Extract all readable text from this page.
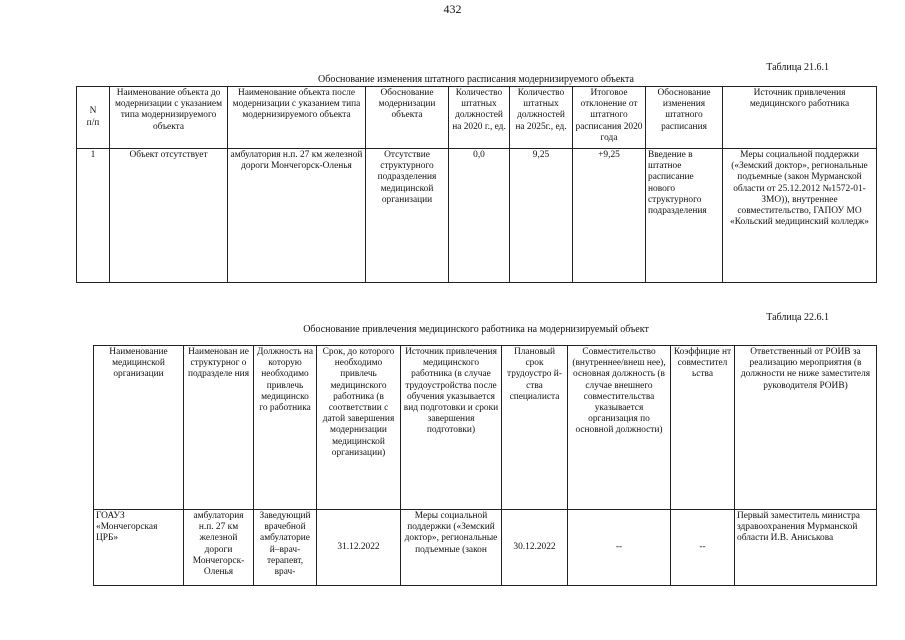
432
Таблица 21.6.1
Обоснование изменения штатного расписания модернизируемого объекта
N
п/п	Наименование объекта до модернизации с указанием типа модернизируемого объекта	Наименование объекта после модернизации с указанием типа модернизируемого объекта	Обоснование модернизации объекта	Количество штатных должностей на 2020 г., ед.	Количество штатных должностей на 2025г., ед.	Итоговое отклонение от штатного расписания 2020 года	Обоснование изменения штатного расписания	Источник привлечения медицинского работника
1	Объект отсутствует	амбулатория н.п. 27 км железной дороги Мончегорск-Оленья	Отсутствие структурного подразделения медицинской организации	0,0	9,25	+9,25	Введение в штатное расписание нового структурного подразделения	Меры социальной поддержки («Земский доктор», региональные подъемные (закон Мурманской области от 25.12.2012 №1572-01-ЗМО)), внутреннее совместительство, ГАПОУ МО «Кольский медицинский колледж»
Таблица 22.6.1
Обоснование привлечения медицинского работника на модернизируемый объект
Наименование медицинской организации	Наименован ие структурног о подразделе ния	Должность на которую необходимо привлечь медицинско го работника	Срок, до которого необходимо привлечь медицинского работника (в соответствии с датой завершения модернизации медицинской организации)	Источник привлечения медицинского работника (в случае трудоустройства после обучения указывается вид подготовки и сроки завершения подготовки)	Плановый срок трудоустро й-ства специалиста	Совместительство (внутреннее/внеш нее), основная должность (в случае внешнего совместительства указывается организация по основной должности)	Коэффицие нт совместител ьства	Ответственный от РОИВ за реализацию мероприятия (в должности не ниже заместителя руководителя РОИВ)
ГОАУЗ «Мончегорская ЦРБ»	амбулатория н.п. 27 км железной дороги Мончегорск-Оленья	Заведующий врачебной амбулаторие й–врач-терапевт, врач-	31.12.2022	Меры социальной поддержки («Земский доктор», региональные подъемные (закон	30.12.2022	--	--	Первый заместитель министра здравоохранения Мурманской области И.В. Аниськова
